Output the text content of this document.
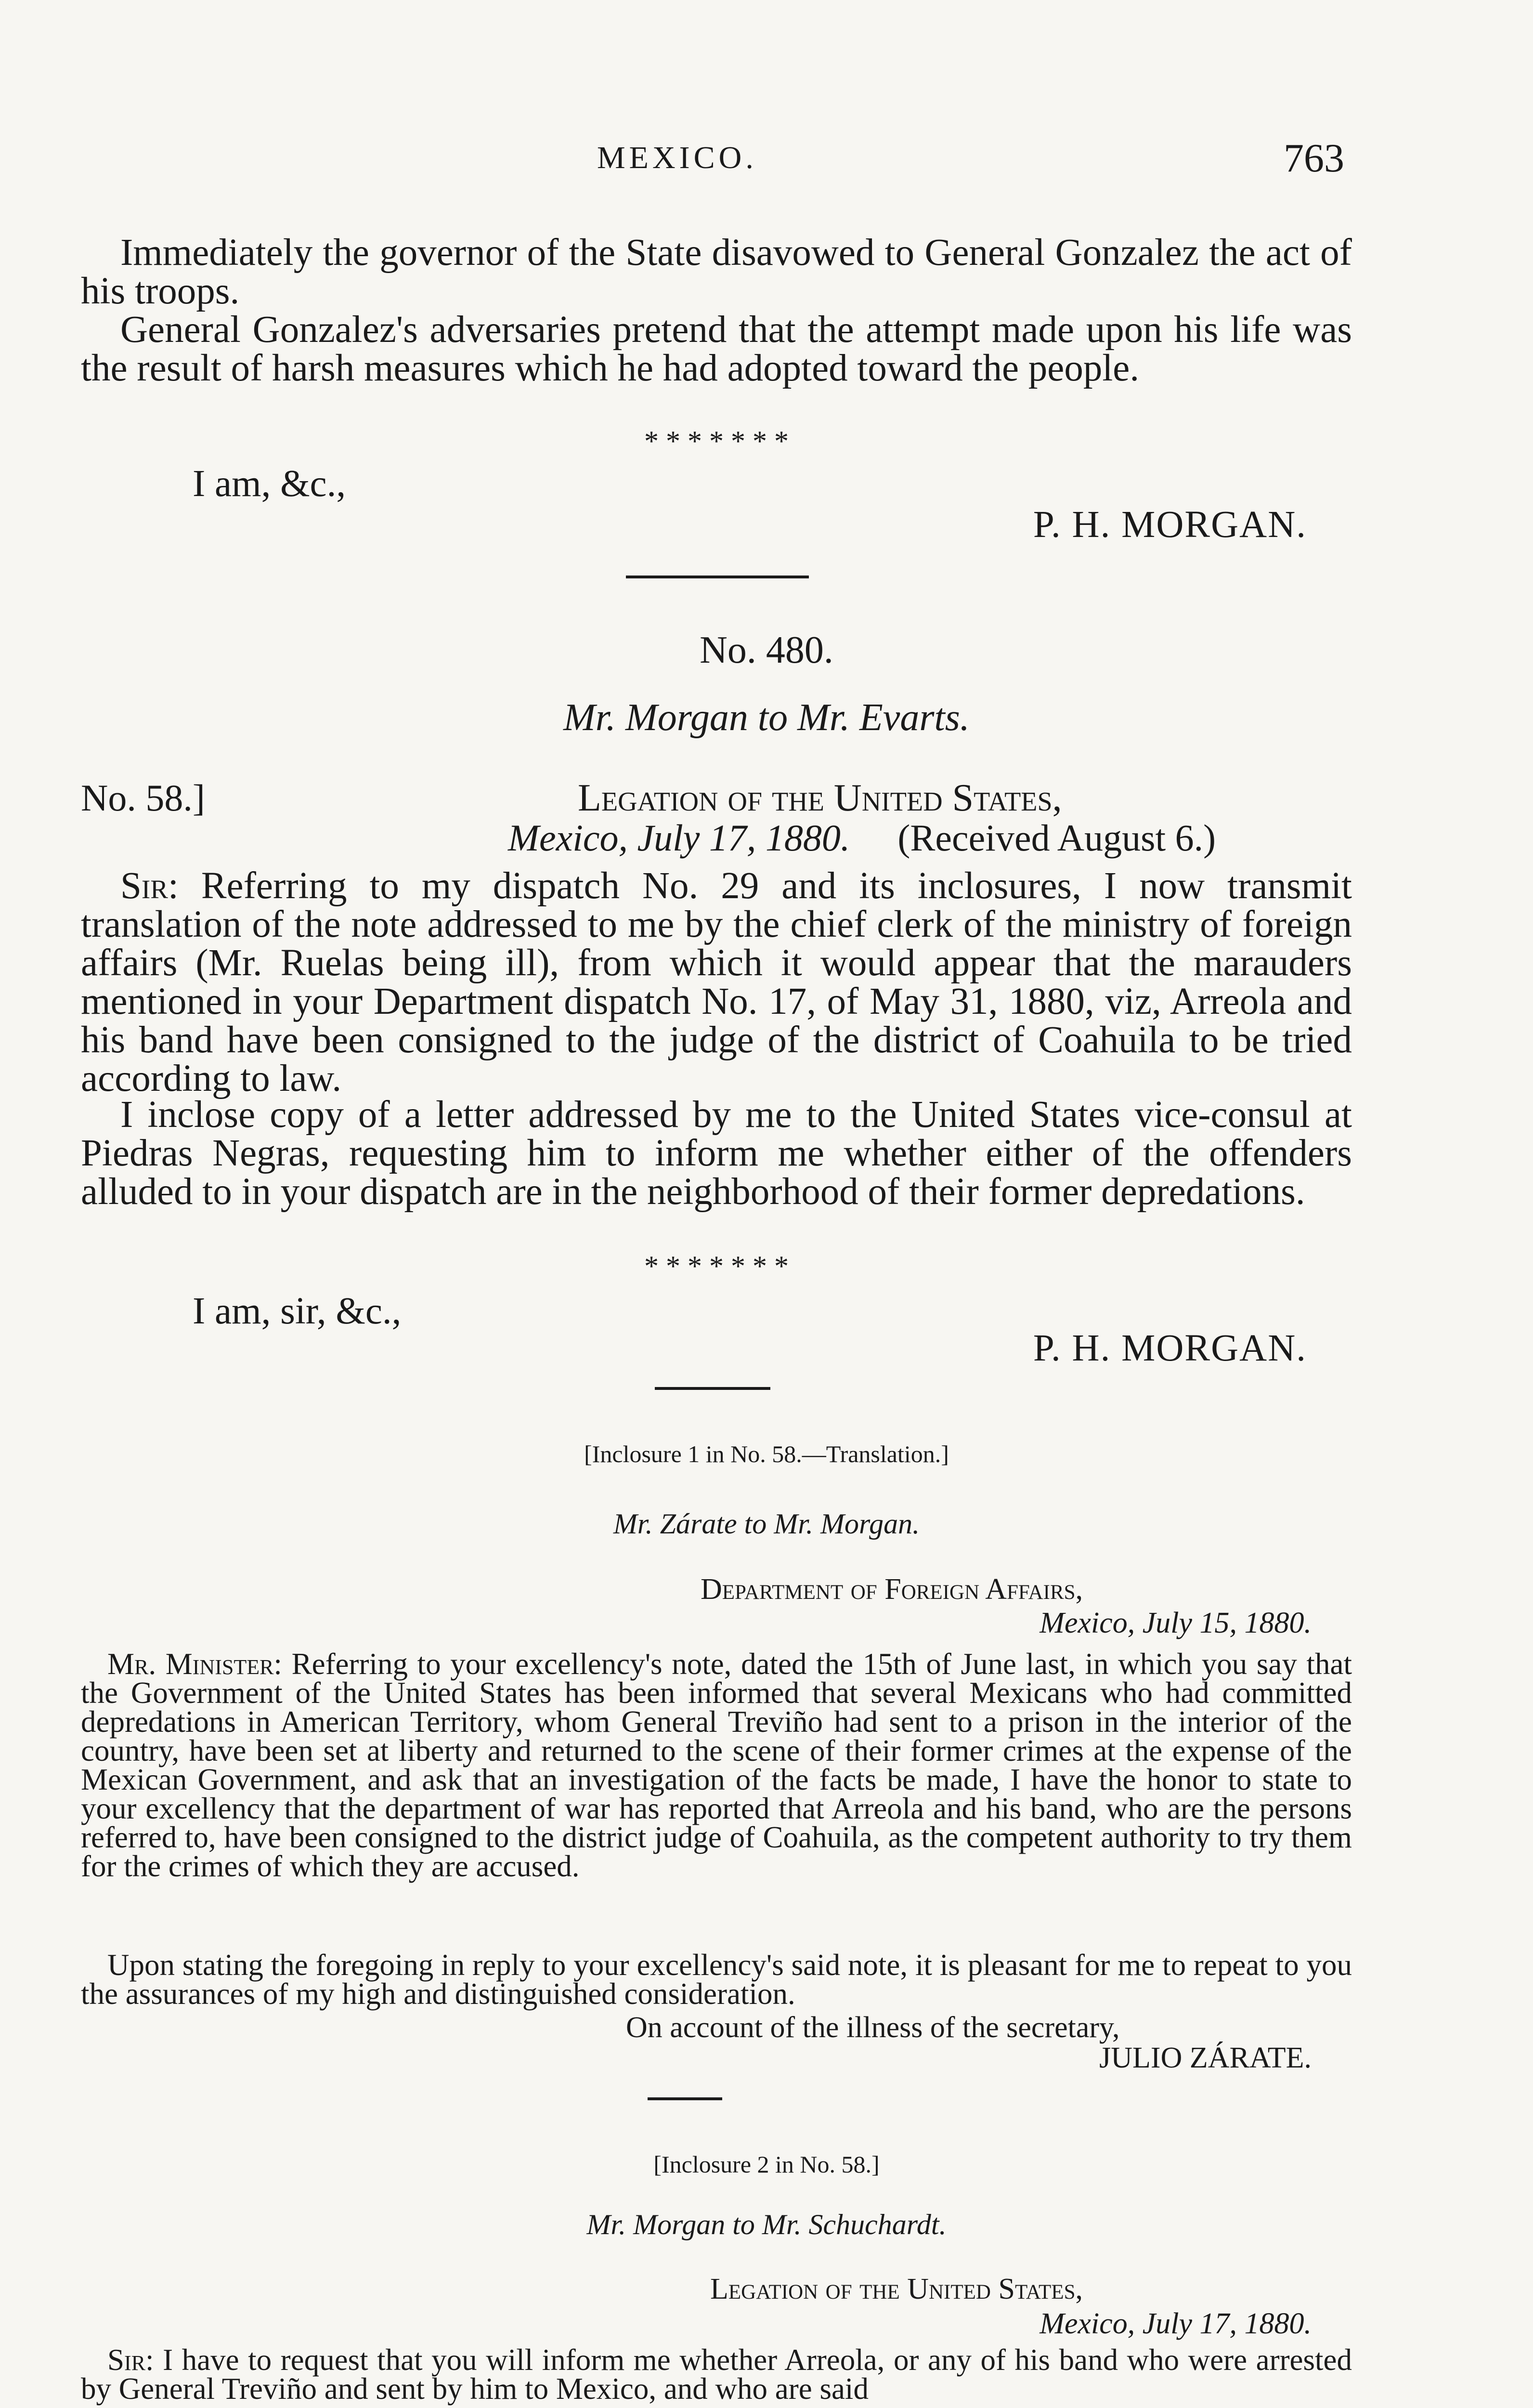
MEXICO.	763

Immediately the governor of the State disavowed to General Gonzalez the act of his troops.

General Gonzalez's adversaries pretend that the attempt made upon his life was the result of harsh measures which he had adopted toward the people.

* * * * * * *
I am, &c.,
P. H. MORGAN.
No. 480.
Mr. Morgan to Mr. Evarts.
No. 58.]	Legation of the United States,
Mexico, July 17, 1880. (Received August 6.)

Sir: Referring to my dispatch No. 29 and its inclosures, I now transmit translation of the note addressed to me by the chief clerk of the ministry of foreign affairs (Mr. Ruelas being ill), from which it would appear that the marauders mentioned in your Department dispatch No. 17, of May 31, 1880, viz, Arreola and his band have been consigned to the judge of the district of Coahuila to be tried according to law.

I inclose copy of a letter addressed by me to the United States vice-consul at Piedras Negras, requesting him to inform me whether either of the offenders alluded to in your dispatch are in the neighborhood of their former depredations.

* * * * * * *
I am, sir, &c.,
P. H. MORGAN.
[Inclosure 1 in No. 58.—Translation.]
Mr. Zárate to Mr. Morgan.
Department of Foreign Affairs,
Mexico, July 15, 1880.

Mr. Minister: Referring to your excellency's note, dated the 15th of June last, in which you say that the Government of the United States has been informed that several Mexicans who had committed depredations in American Territory, whom General Treviño had sent to a prison in the interior of the country, have been set at liberty and returned to the scene of their former crimes at the expense of the Mexican Government, and ask that an investigation of the facts be made, I have the honor to state to your excellency that the department of war has reported that Arreola and his band, who are the persons referred to, have been consigned to the district judge of Coahuila, as the competent authority to try them for the crimes of which they are accused.

Upon stating the foregoing in reply to your excellency's said note, it is pleasant for me to repeat to you the assurances of my high and distinguished consideration.

On account of the illness of the secretary,
JULIO ZÁRATE.
[Inclosure 2 in No. 58.]
Mr. Morgan to Mr. Schuchardt.
Legation of the United States,
Mexico, July 17, 1880.

Sir: I have to request that you will inform me whether Arreola, or any of his band who were arrested by General Treviño and sent by him to Mexico, and who are said
